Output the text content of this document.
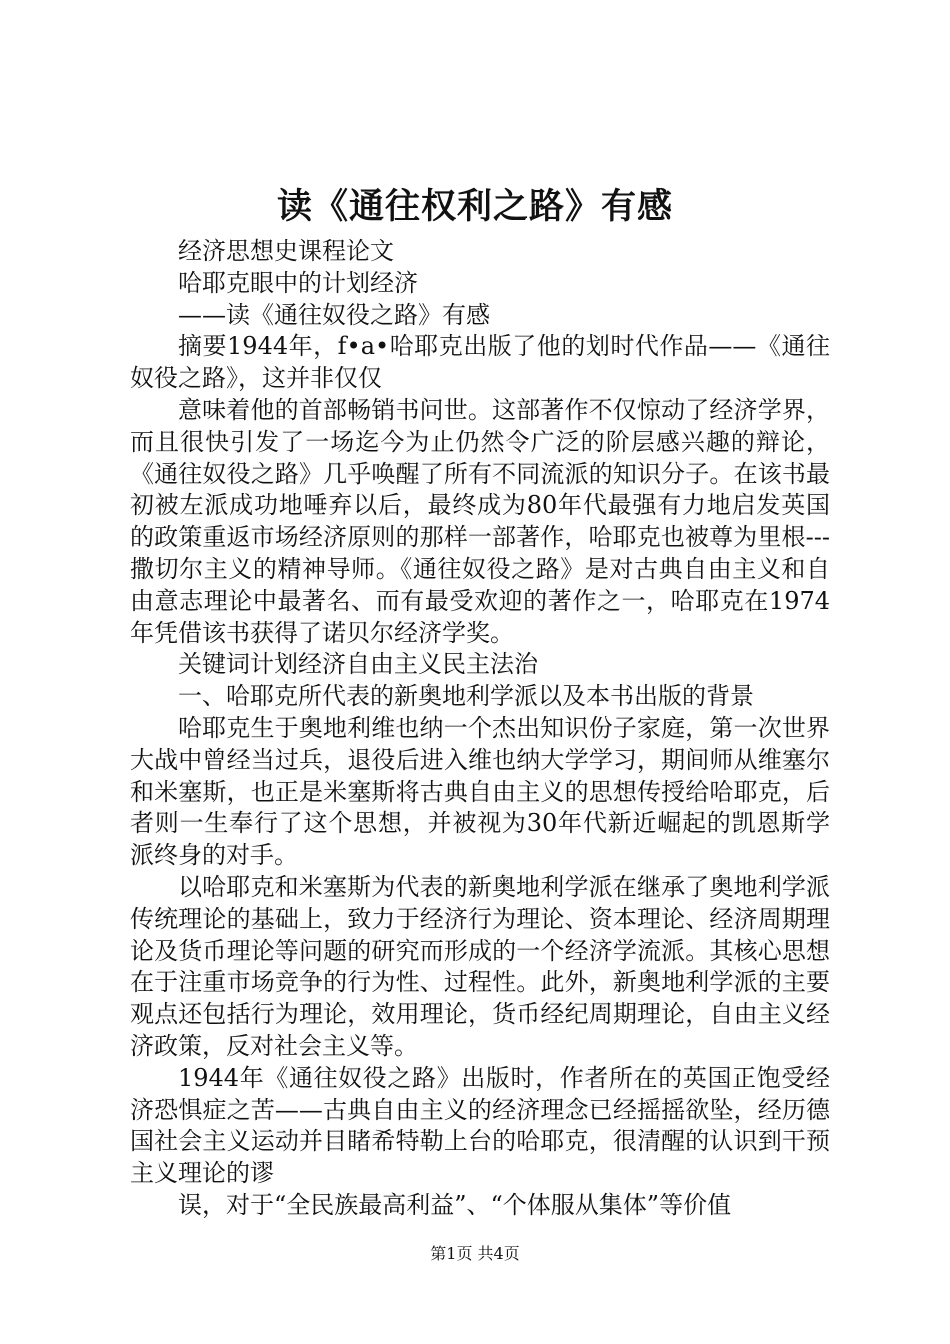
读《通往权利之路》有感

经济思想史课程论文

哈耶克眼中的计划经济

——读《通往奴役之路》有感

摘要1944年，f•a•哈耶克出版了他的划时代作品——《通往奴役之路》，这并非仅仅

意味着他的首部畅销书问世。这部著作不仅惊动了经济学界，而且很快引发了一场迄今为止仍然令广泛的阶层感兴趣的辩论，《通往奴役之路》几乎唤醒了所有不同流派的知识分子。在该书最初被左派成功地唾弃以后，最终成为80年代最强有力地启发英国的政策重返市场经济原则的那样一部著作，哈耶克也被尊为里根---撒切尔主义的精神导师。《通往奴役之路》是对古典自由主义和自由意志理论中最著名、而有最受欢迎的著作之一，哈耶克在1974年凭借该书获得了诺贝尔经济学奖。

关键词计划经济自由主义民主法治

一、哈耶克所代表的新奥地利学派以及本书出版的背景

哈耶克生于奥地利维也纳一个杰出知识份子家庭，第一次世界大战中曾经当过兵，退役后进入维也纳大学学习，期间师从维塞尔和米塞斯，也正是米塞斯将古典自由主义的思想传授给哈耶克，后者则一生奉行了这个思想，并被视为30年代新近崛起的凯恩斯学派终身的对手。

以哈耶克和米塞斯为代表的新奥地利学派在继承了奥地利学派传统理论的基础上，致力于经济行为理论、资本理论、经济周期理论及货币理论等问题的研究而形成的一个经济学流派。其核心思想在于注重市场竞争的行为性、过程性。此外，新奥地利学派的主要观点还包括行为理论，效用理论，货币经纪周期理论，自由主义经济政策，反对社会主义等。

1944年《通往奴役之路》出版时，作者所在的英国正饱受经济恐惧症之苦——古典自由主义的经济理念已经摇摇欲坠，经历德国社会主义运动并目睹希特勒上台的哈耶克，很清醒的认识到干预主义理论的谬

误，对于“全民族最高利益”、“个体服从集体”等价值

第1页 共4页
